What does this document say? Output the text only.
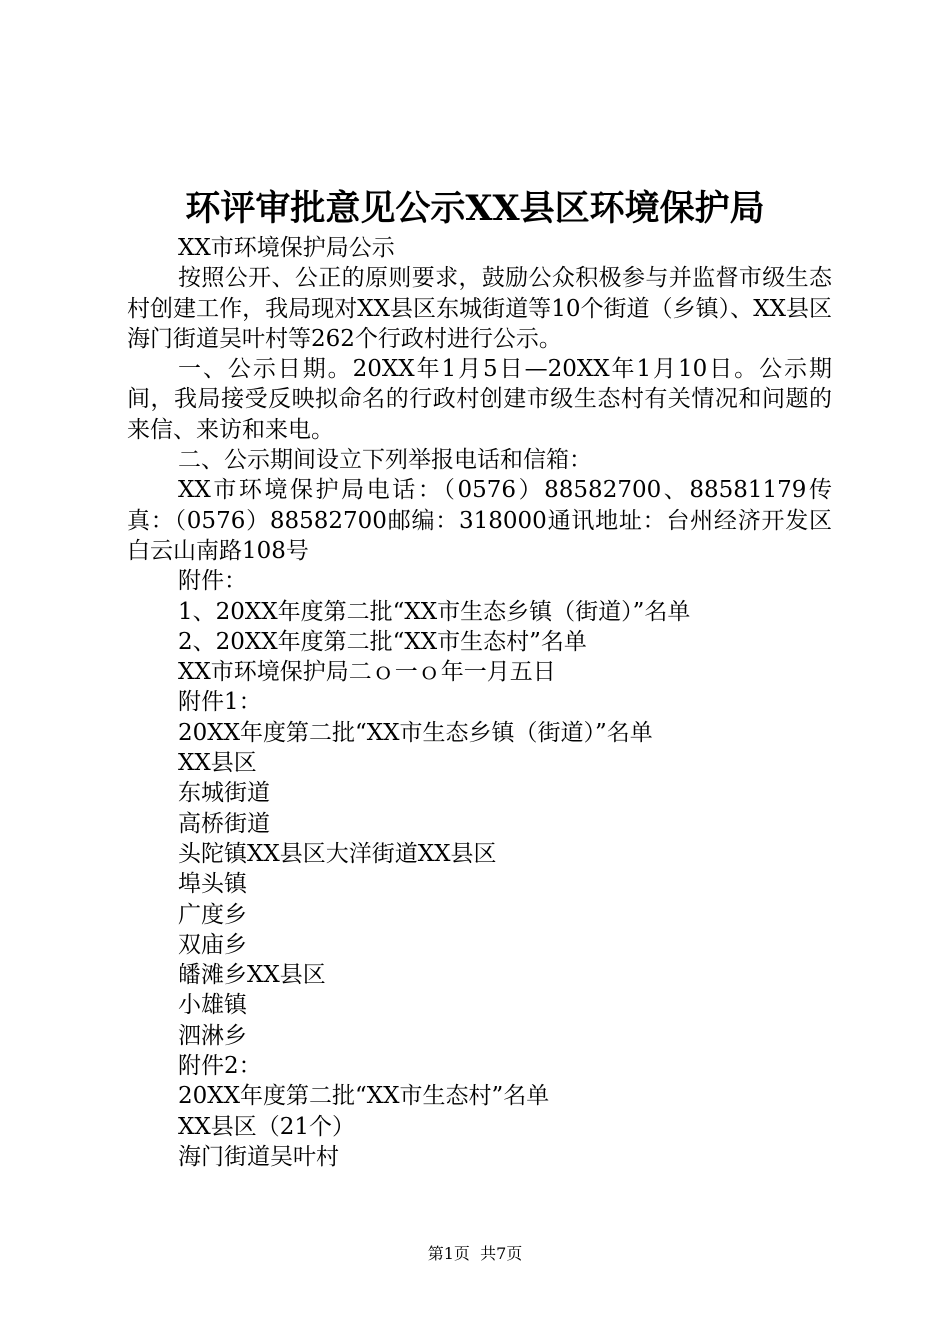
环评审批意见公示XX县区环境保护局

XX市环境保护局公示

按照公开、公正的原则要求，鼓励公众积极参与并监督市级生态村创建工作，我局现对XX县区东城街道等10个街道（乡镇）、XX县区海门街道吴叶村等262个行政村进行公示。

一、公示日期。20XX年1月5日—20XX年1月10日。公示期间，我局接受反映拟命名的行政村创建市级生态村有关情况和问题的来信、来访和来电。

二、公示期间设立下列举报电话和信箱：

XX市环境保护局电话：（0576）88582700、88581179传真：（0576）88582700邮编：318000通讯地址：台州经济开发区白云山南路108号

附件：

1、20XX年度第二批“XX市生态乡镇（街道）”名单

2、20XX年度第二批“XX市生态村”名单

XX市环境保护局二ｏ一ｏ年一月五日

附件1：

20XX年度第二批“XX市生态乡镇（街道）”名单

XX县区

东城街道

高桥街道

头陀镇XX县区大洋街道XX县区

埠头镇

广度乡

双庙乡

皤滩乡XX县区

小雄镇

泗淋乡

附件2：

20XX年度第二批“XX市生态村”名单

XX县区（21个）

海门街道吴叶村

第1页 共7页
